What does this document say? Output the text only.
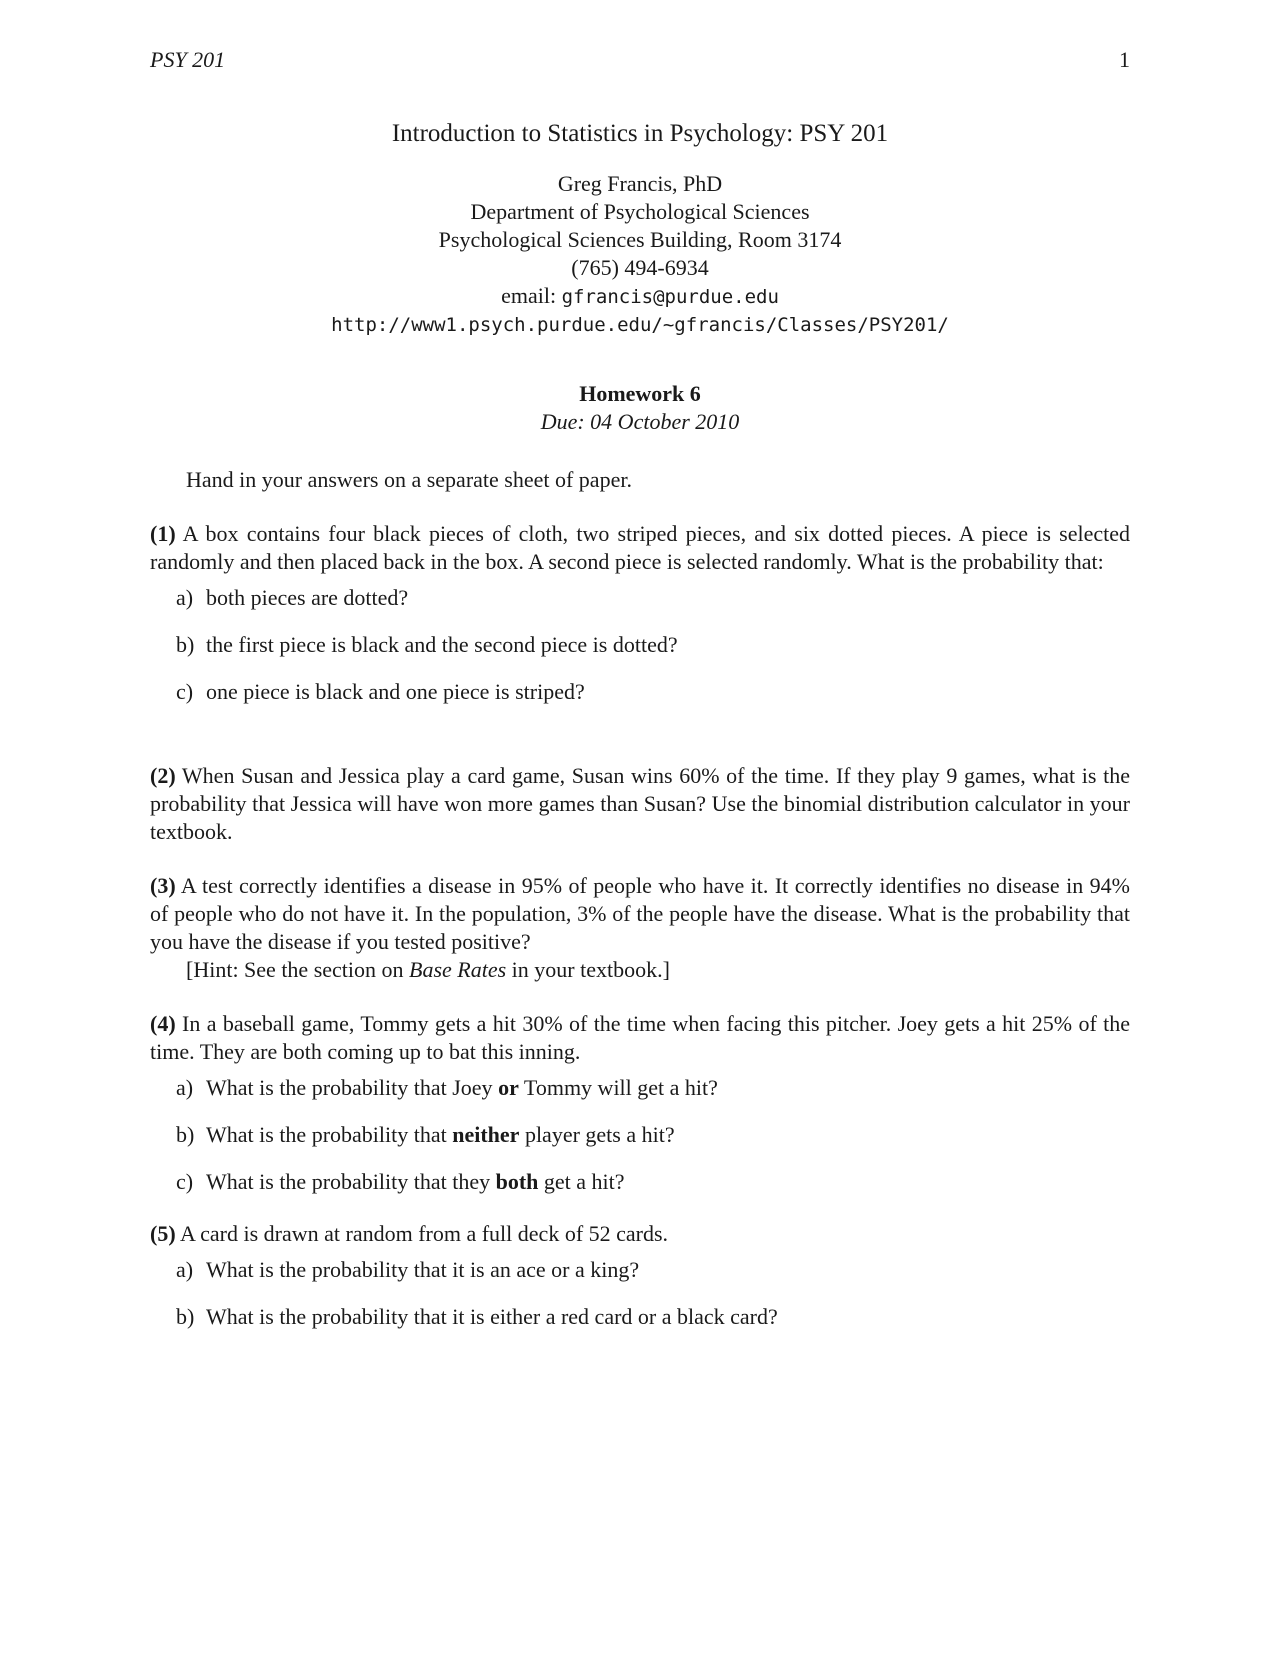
PSY 201	1
Introduction to Statistics in Psychology: PSY 201
Greg Francis, PhD
Department of Psychological Sciences
Psychological Sciences Building, Room 3174
(765) 494-6934
email: gfrancis@purdue.edu
http://www1.psych.purdue.edu/~gfrancis/Classes/PSY201/
Homework 6
Due: 04 October 2010
Hand in your answers on a separate sheet of paper.
(1) A box contains four black pieces of cloth, two striped pieces, and six dotted pieces. A piece is selected randomly and then placed back in the box. A second piece is selected randomly. What is the probability that:
a) both pieces are dotted?
b) the first piece is black and the second piece is dotted?
c) one piece is black and one piece is striped?
(2) When Susan and Jessica play a card game, Susan wins 60% of the time. If they play 9 games, what is the probability that Jessica will have won more games than Susan? Use the binomial distribution calculator in your textbook.
(3) A test correctly identifies a disease in 95% of people who have it. It correctly identifies no disease in 94% of people who do not have it. In the population, 3% of the people have the disease. What is the probability that you have the disease if you tested positive?
[Hint: See the section on Base Rates in your textbook.]
(4) In a baseball game, Tommy gets a hit 30% of the time when facing this pitcher. Joey gets a hit 25% of the time. They are both coming up to bat this inning.
a) What is the probability that Joey or Tommy will get a hit?
b) What is the probability that neither player gets a hit?
c) What is the probability that they both get a hit?
(5) A card is drawn at random from a full deck of 52 cards.
a) What is the probability that it is an ace or a king?
b) What is the probability that it is either a red card or a black card?
